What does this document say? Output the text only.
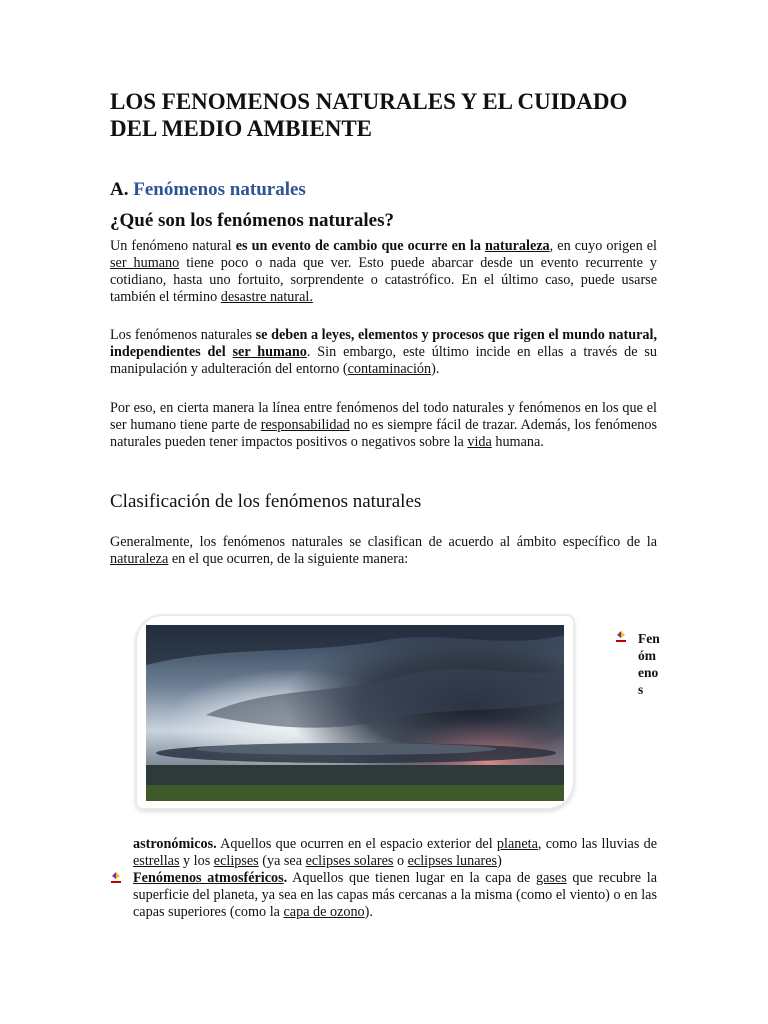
LOS FENOMENOS NATURALES Y EL CUIDADO DEL MEDIO AMBIENTE
A. Fenómenos naturales
¿Qué son los fenómenos naturales?

Un fenómeno natural es un evento de cambio que ocurre en la naturaleza, en cuyo origen el ser humano tiene poco o nada que ver. Esto puede abarcar desde un evento recurrente y cotidiano, hasta uno fortuito, sorprendente o catastrófico. En el último caso, puede usarse también el término desastre natural.

Los fenómenos naturales se deben a leyes, elementos y procesos que rigen el mundo natural, independientes del ser humano. Sin embargo, este último incide en ellas a través de su manipulación y adulteración del entorno (contaminación).

Por eso, en cierta manera la línea entre fenómenos del todo naturales y fenómenos en los que el ser humano tiene parte de responsabilidad no es siempre fácil de trazar. Además, los fenómenos naturales pueden tener impactos positivos o negativos sobre la vida humana.

Clasificación de los fenómenos naturales

Generalmente, los fenómenos naturales se clasifican de acuerdo al ámbito específico de la naturaleza en el que ocurren, de la siguiente manera:

Fenómenos

astronómicos. Aquellos que ocurren en el espacio exterior del planeta, como las lluvias de estrellas y los eclipses (ya sea eclipses solares o eclipses lunares)

Fenómenos atmosféricos. Aquellos que tienen lugar en la capa de gases que recubre la superficie del planeta, ya sea en las capas más cercanas a la misma (como el viento) o en las capas superiores (como la capa de ozono).
